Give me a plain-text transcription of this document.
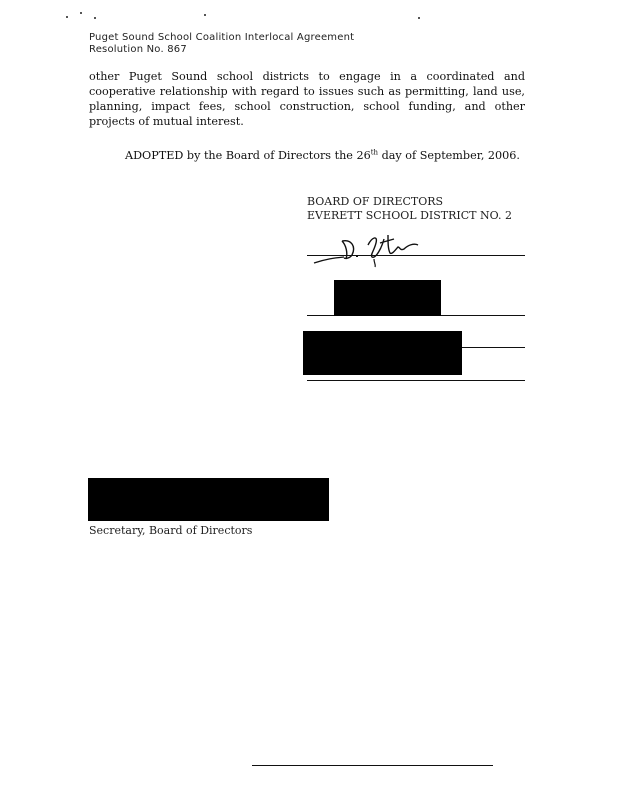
Puget Sound School Coalition Interlocal Agreement
Resolution No. 867
other Puget Sound school districts to engage in a coordinated and cooperative relationship with regard to issues such as permitting, land use, planning, impact fees, school construction, school funding, and other projects of mutual interest.
ADOPTED by the Board of Directors the 26th day of September, 2006.
BOARD OF DIRECTORS
EVERETT SCHOOL DISTRICT NO. 2
Secretary, Board of Directors
